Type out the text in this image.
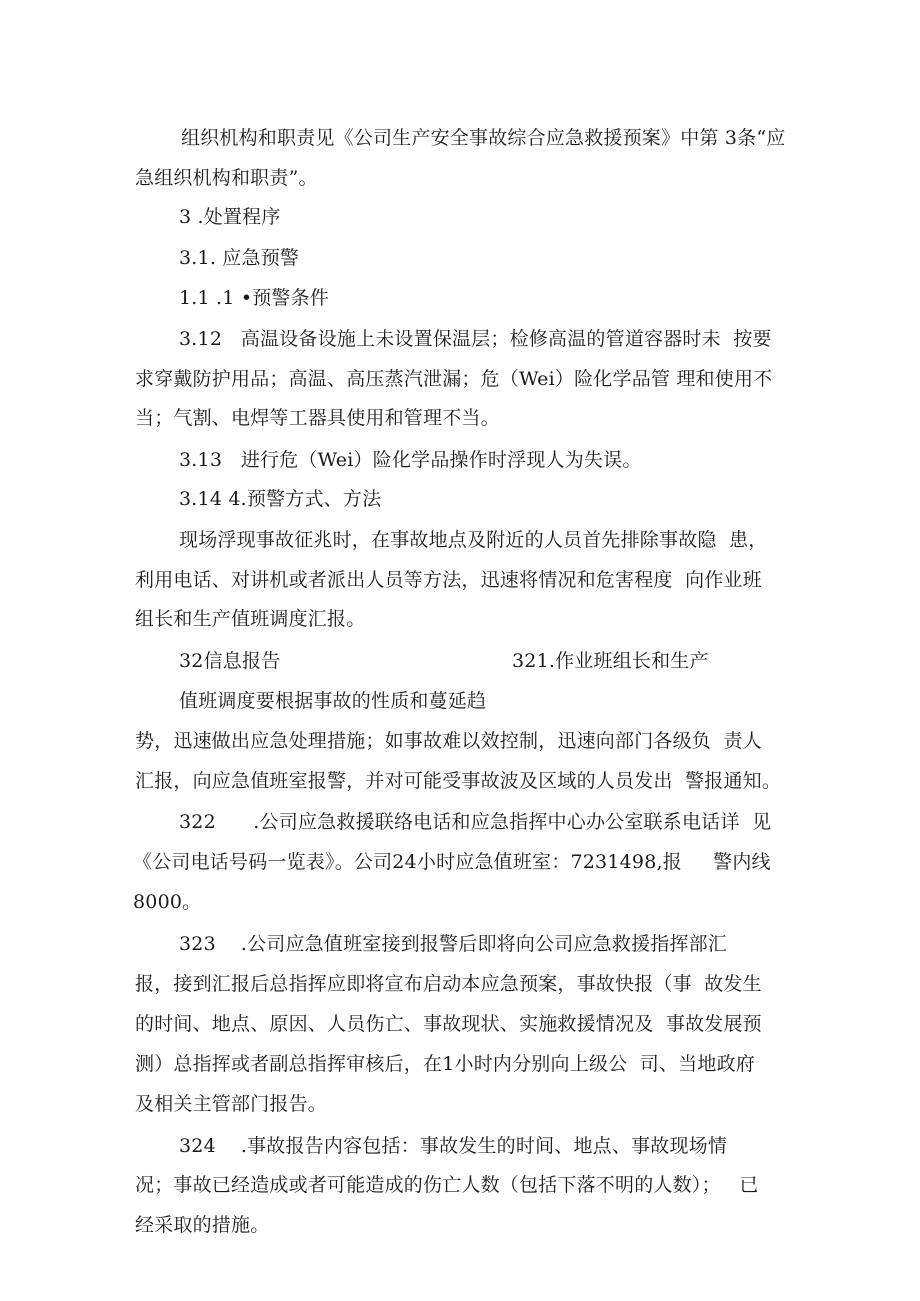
组织机构和职责见《公司生产安全事故综合应急救援预案》中第 3条“应
急组织机构和职责”。
3 .处置程序
3.1. 应急预警
1.1 .1 •预警条件
3.12   高温设备设施上未设置保温层；检修高温的管道容器时未  按要
求穿戴防护用品；高温、高压蒸汽泄漏；危（Wei）险化学品管 理和使用不
当；气割、电焊等工器具使用和管理不当。
3.13   进行危（Wei）险化学品操作时浮现人为失误。
3.14 4.预警方式、方法
现场浮现事故征兆时，在事故地点及附近的人员首先排除事故隐  患，
利用电话、对讲机或者派出人员等方法，迅速将情况和危害程度  向作业班
组长和生产值班调度汇报。
32信息报告	321.作业班组长和生产
值班调度要根据事故的性质和蔓延趋
势，迅速做出应急处理措施；如事故难以效控制，迅速向部门各级负  责人
汇报，向应急值班室报警，并对可能受事故波及区域的人员发出  警报通知。
322      .公司应急救援联络电话和应急指挥中心办公室联系电话详  见
《公司电话号码一览表》。公司24小时应急值班室：7231498,报     警内线
8000。
323    .公司应急值班室接到报警后即将向公司应急救援指挥部汇
报，接到汇报后总指挥应即将宣布启动本应急预案，事故快报（事  故发生
的时间、地点、原因、人员伤亡、事故现状、实施救援情况及  事故发展预
测）总指挥或者副总指挥审核后，在1小时内分别向上级公  司、当地政府
及相关主管部门报告。
324    .事故报告内容包括：事故发生的时间、地点、事故现场情
况；事故已经造成或者可能造成的伤亡人数（包括下落不明的人数）；   已
经采取的措施。
